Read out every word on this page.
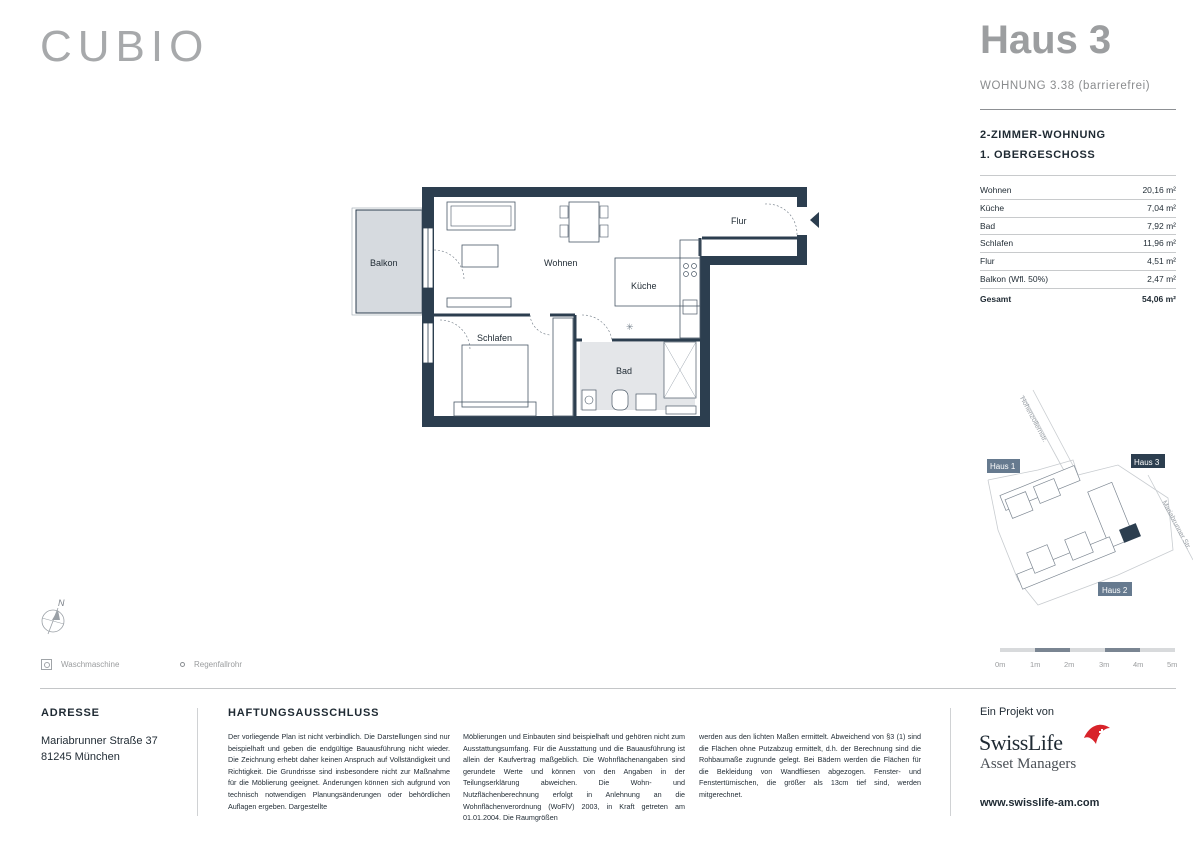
CUBIO	Haus 3
WOHNUNG 3.38 (barrierefrei)
2-ZIMMER-WOHNUNG
1. OBERGESCHOSS
Wohnen	20,16 m²
Küche	7,04 m²
Bad	7,92 m²
Schlafen	11,96 m²
Flur	4,51 m²
Balkon (Wfl. 50%)	2,47 m²
Gesamt	54,06 m²
✳
Balkon	Wohnen
Küche
Flur
Schlafen
Bad
Hohenzollernstr.
Mariabrunner Str.
Haus 1	Haus 3
Haus 2
N
Waschmaschine	Regenfallrohr	0m	1m	2m	3m	4m	5m
ADRESSE
Mariabrunner Straße 37
81245 München
HAFTUNGSAUSSCHLUSS
Der vorliegende Plan ist nicht verbindlich. Die Darstellungen sind nur beispielhaft und geben die endgültige Bauausführung nicht wieder. Die Zeichnung erhebt daher keinen Anspruch auf Vollständigkeit und Richtigkeit. Die Grundrisse sind insbesondere nicht zur Maßnahme für die Möblierung geeignet. Änderungen können sich aufgrund von technisch notwendigen Planungsänderungen oder behördlichen Auflagen ergeben. Dargestellte
Möblierungen und Einbauten sind beispielhaft und gehören nicht zum Ausstattungsumfang. Für die Ausstattung und die Bauausführung ist allein der Kaufvertrag maßgeblich. Die Wohnflächenangaben sind gerundete Werte und können von den Angaben in der Teilungserklärung abweichen. Die Wohn- und Nutzflächenberechnung erfolgt in Anlehnung an die Wohnflächenverordnung (WoFlV) 2003, in Kraft getreten am 01.01.2004. Die Raumgrößen
werden aus den lichten Maßen ermittelt. Abweichend von §3 (1) sind die Flächen ohne Putzabzug ermittelt, d.h. der Berechnung sind die Rohbaumaße zugrunde gelegt. Bei Bädern werden die Flächen für die Bekleidung von Wandfliesen abgezogen. Fenster- und Fenstertürnischen, die größer als 13cm tief sind, werden mitgerechnet.
Ein Projekt von
SwissLife
Asset Managers
www.swisslife-am.com
